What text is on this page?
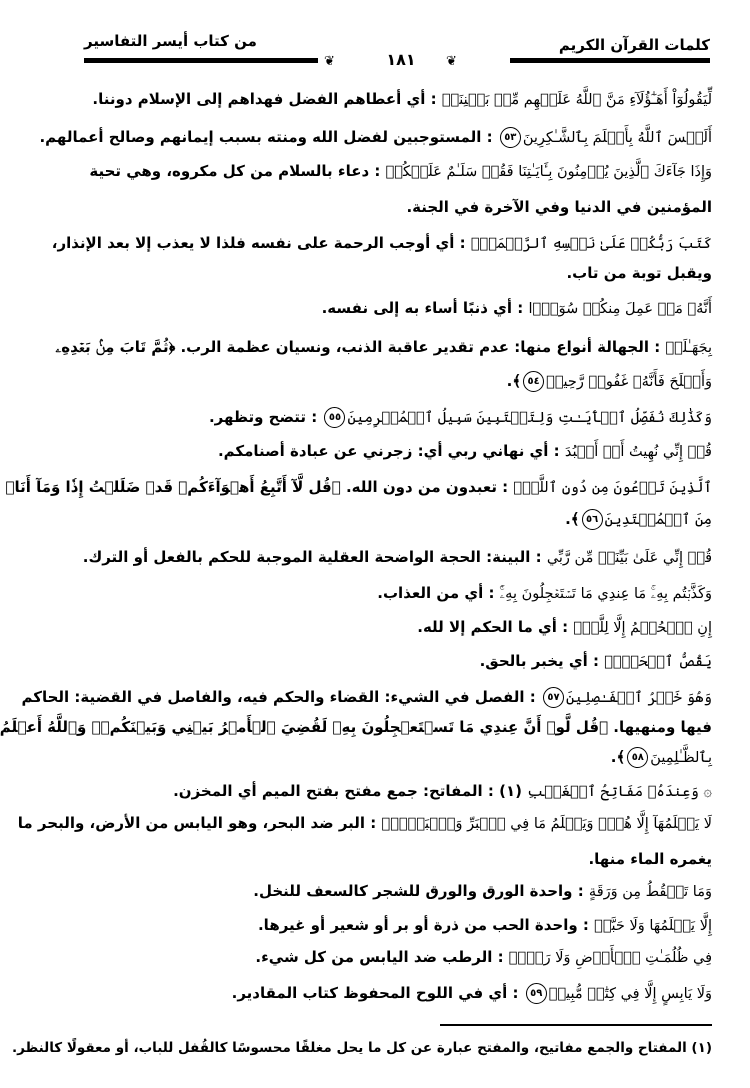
كلمات القرآن الكريم
من كتاب أيسر التفاسير
❦	١٨١	❦
لِّيَقُولُوٓاْ أَهَـٰٓؤُلَآءِ مَنَّ ٱللَّهُ عَلَيۡهِم مِّنۢ بَيۡنِنَآۗ : أي أعطاهم الفضل فهداهم إلى الإسلام دوننا.
أَلَيۡسَ ٱللَّهُ بِأَعۡلَمَ بِٱلشَّـٰكِرِينَ٥٣ : المستوجبين لفضل الله ومنته بسبب إيمانهم وصالح أعمالهم.
وَإِذَا جَآءَكَ ٱلَّذِينَ يُؤۡمِنُونَ بِـَٔايَـٰتِنَا فَقُلۡ سَلَـٰمٌ عَلَيۡكُمۡ : دعاء بالسلام من كل مكروه، وهي تحية
المؤمنين في الدنيا وفي الآخرة في الجنة.
كَتَبَ رَبُّكُمۡ عَلَىٰ نَفۡسِهِ ٱلرَّحۡمَةَۖ : أي أوجب الرحمة على نفسه فلذا لا يعذب إلا بعد الإنذار،
ويقبل توبة من تاب.
أَنَّهُۥ مَنۡ عَمِلَ مِنكُمۡ سُوٓءَۢا : أي ذنبًا أساء به إلى نفسه.
بِجَهَـٰلَةٖ : الجهالة أنواع منها: عدم تقدير عاقبة الذنب، ونسيان عظمة الرب. ﴿ثُمَّ تَابَ مِنۢ بَعۡدِهِۦ
وَأَصۡلَحَ فَأَنَّهُۥ غَفُورٞ رَّحِيمٞ٥٤﴾.
وَكَذَٰلِكَ نُفَصِّلُ ٱلۡأٓيَـٰتِ وَلِتَسۡتَبِينَ سَبِيلُ ٱلۡمُجۡرِمِينَ٥٥ : تتضح وتظهر.
قُلۡ إِنِّي نُهِيتُ أَنۡ أَعۡبُدَ : أي نهاني ربي أي: زجرني عن عبادة أصنامكم.
ٱلَّذِينَ تَدۡعُونَ مِن دُونِ ٱللَّهِۚ : تعبدون من دون الله. ﴿قُل لَّآ أَتَّبِعُ أَهۡوَآءَكُمۡ قَدۡ ضَلَلۡتُ إِذٗا وَمَآ أَنَا۠
مِنَ ٱلۡمُهۡتَدِينَ٥٦﴾.
قُلۡ إِنِّي عَلَىٰ بَيِّنَةٖ مِّن رَّبِّي : البينة: الحجة الواضحة العقلية الموجبة للحكم بالفعل أو الترك.
وَكَذَّبۡتُم بِهِۦۚ مَا عِندِي مَا تَسۡتَعۡجِلُونَ بِهِۦٓۚ : أي من العذاب.
إِنِ ٱلۡحُكۡمُ إِلَّا لِلَّهِۖ : أي ما الحكم إلا لله.
يَقُصُّ ٱلۡحَقَّۖ : أي يخبر بالحق.
وَهُوَ خَيۡرُ ٱلۡفَـٰصِلِينَ٥٧ : الفصل في الشيء: القضاء والحكم فيه، والفاصل في القضية: الحاكم
فيها ومنهيها. ﴿قُل لَّوۡ أَنَّ عِندِي مَا تَسۡتَعۡجِلُونَ بِهِۦ لَقُضِيَ ٱلۡأَمۡرُ بَيۡنِي وَبَيۡنَكُمۡۗ وَٱللَّهُ أَعۡلَمُ
بِٱلظَّـٰلِمِينَ٥٨﴾.
۞ وَعِندَهُۥ مَفَاتِحُ ٱلۡغَيۡبِ (١) : المفاتح: جمع مفتح بفتح الميم أي المخزن.
لَا يَعۡلَمُهَآ إِلَّا هُوَۚ وَيَعۡلَمُ مَا فِي ٱلۡبَرِّ وَٱلۡبَحۡرِۚ : البر ضد البحر، وهو اليابس من الأرض، والبحر ما
يغمره الماء منها.
وَمَا تَسۡقُطُ مِن وَرَقَةٍ : واحدة الورق والورق للشجر كالسعف للنخل.
إِلَّا يَعۡلَمُهَا وَلَا حَبَّةٖ : واحدة الحب من ذرة أو بر أو شعير أو غيرها.
فِي ظُلُمَـٰتِ ٱلۡأَرۡضِ وَلَا رَطۡبٖ : الرطب ضد اليابس من كل شيء.
وَلَا يَابِسٍ إِلَّا فِي كِتَٰبٖ مُّبِينٖ٥٩ : أي في اللوح المحفوظ كتاب المقادير.
(١) المفتاح والجمع مفاتيح، والمفتح عبارة عن كل ما يحل مغلقًا محسوسًا كالقُفل للباب، أو معقولًا كالنظر.
